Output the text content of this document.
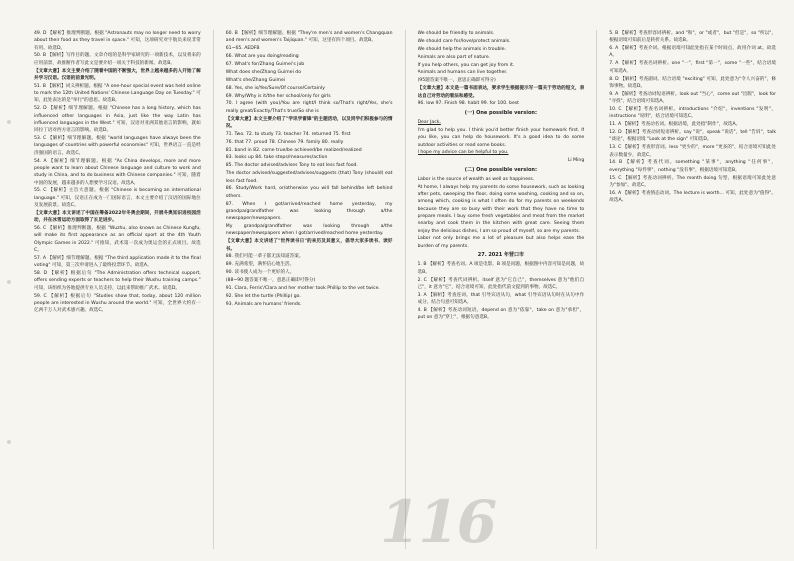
49. D 【解析】推理判断题。根据 "Astronauts may no longer need to worry about their food as they travel in space." 可知，这项研究对宇航员来说非常有用。故选D。

50. B 【解析】写作目的题。文章介绍的是科学家研究的一项新技术，以及将来的应用前景，故推断作者写此文是要介绍一项关于科技的新闻。故选B。

【文章大意】本文主要介绍了随着中国的不断强大，世界上越来越多的人开始了解并学习汉语。汉语的前景光明。

51. B 【解析】词义辨析题。根据 "A one-hour special event was held online to mark the 12th United Nations' Chinese Language Day on Tuesday." 可知，此处表达的是"举行"的意思。故选B。

52. D 【解析】细节理解题。根据 "Chinese has a long history, which has influenced other languages in Asia, just like the way Latin has influenced languages in the West." 可知，汉语对亚洲其他语言的影响，就如同拉丁语对西方语言的影响。故选D。

53. C 【解析】细节理解题。根据 "world languages have always been the languages of countries with powerful economies" 可知，世界语言一直是经济强国的语言。故选C。

54. A 【解析】细节理解题。根据 "As China develops, more and more people want to learn about Chinese language and culture to work and study in China, and to do business with Chinese companies." 可知，随着中国的发展，越来越多的人想要学习汉语。故选A。

55. C 【解析】主旨大意题。根据 "Chinese is becoming an international language." 可知，汉语正在成为一门国际语言，本文主要介绍了汉语的国际地位及发展前景。故选C。

【文章大意】本文讲述了中国在筹备2022年冬奥会期间，开展冬奥知识进校园活动，并在冰雪运动方面取得了长足进步。

56. C 【解析】推理判断题。根据 "Wuzhu, also known as Chinese Kungfu, will make its first appearance as an official sport at the 4th Youth Olympic Games in 2022." 可推知，武术第一次成为奥运会的正式项目。故选C。

57. A 【解析】细节理解题。根据 "The third application made it to the final voting" 可知，第三次申请进入了最终投票环节。故选A。

58. D 【解析】根据后句 "The Administration offers technical support, offers sending experts or teachers to help their Wushu training camps." 可知，该组织为各地提供专业人员支持，以此来帮助推广武术。故选D。

59. C 【解析】根据后句 "Studies show that, today, about 120 million people are interested in Wushu around the world." 可知，全世界大约有一亿两千万人对武术感兴趣。故选C。

60. B 【解析】细节理解题。根据 "They're men's and women's Changquan and men's and women's Taijiquan." 可知，这里有四个项目。故选B。

61~65. AEDFB

66. What are you doing/reading

67. What's for/Zhang Guimei's job

What does she/Zhang Guimei do

What's she/Zhang Guimei

68. Yes, she is/Yes/Sure/Of course/Certainly

69. Why/Why is it/the her school/only for girls

70. I agree (with you)/You are right/I think so/That's right/Yes, she's really great/Exactly/That's true/So she is

【文章大意】本文主要介绍了"学讯学雷锋"的主题活动，以及同学们积极参与的情况。

71. Two. 72. to study 73. teacher 74. returned 75. first

76. that 77. proud 78. Chinese 79. family 80. really

81. band in 82. come true/be achieved/be realized/realized

83. looks up 84. take steps/measures/action

85. The doctor advised/advises Tony to eat less fast food.

The doctor advised/suggested/advises/suggests (that) Tony (should) eat less fast food.

86. Study/Work hard, or/otherwise you will fall behind/be left behind others.

87. When I got/arrived/reached home yesterday, my grandpa/grandfather was looking through a/the newspaper/newspapers.

My grandpa/grandfather was looking through a/the newspaper/newspapers when I got/arrived/reached home yesterday.

【文章大意】本文讲述了"世界读书日"的来历及其意义，倡导大家多读书、读好书。

88. 我们可能一辈子都无法知道答案。

89. 充满希望，满怀信心地生活。

90. 读书使人成为一个更好的人。

(88~90 题答案不唯一，意思正确即可得分)

91. Clara, Ferris'/Clara and her mother took Phillip to the vet twice.

92. She let the turtle (Phillip) go.

93. Animals are humans' friends.

We should be friendly to animals.

We should care for/love/protect animals.

We should help the animals in trouble.

Animals are also part of nature.

If you help others, you can get joy from it.

Animals and humans can live together.

(95题答案不唯一，意思正确即可得分)

【文章大意】本文是一篇书面表达，要求学生根据提示写一篇关于劳动的短文，表达自己对劳动的看法和感受。

96. low 97. Finish 98. habit 99. for 100. best

(一) One possible version:

Dear Jack,

I'm glad to help you. I think you'd better finish your homework first. If you like, you can help do housework. It's a good idea to do some outdoor activities or read some books.

I hope my advice can be helpful to you.

Li Ming

(二) One possible version:

Labor is the source of wealth as well as happiness.

At home, I always help my parents do some housework, such as looking after pets, sweeping the floor, doing some washing, cooking and so on, among which, cooking is what I often do for my parents on weekends because they are so busy with their work that they have no time to prepare meals. I buy some fresh vegetables and meat from the market nearby and cook them in the kitchen with great care. Seeing them enjoy the delicious dishes, I am so proud of myself, so are my parents.

Labor not only brings me a lot of pleasure but also helps ease the burden of my parents.

27. 2021 年营口市

1. B 【解析】考查名词。A 项是电影，B 项是问题，根据图中内容可知是问题，故选B。

2. C 【解析】考查代词辨析。itself 意为"它自己"，themselves 意为"他们自己"，it 意为"它"，结合语境可知，此处指代前文提到的事物。故选C。

3. A 【解析】考查连词。that 引导宾语从句，what 引导宾语从句时在从句中作成分，结合句意可知选A。

4. B 【解析】考查动词短语。depend on 意为"依靠"，take on 意为"承担"，put on 意为"穿上"，根据句意选B。

5. B 【解析】考查形容词辨析。and "和"，or "或者"，but "但是"，so "所以"，根据语境可知前后是转折关系。故选B。

6. A 【解析】考查介词。根据语境可知此处指在某个时间点，故用介词 at。故选A。

7. A 【解析】考查名词辨析。one "一"，first "第一"，some "一些"，结合语境可知选A。

8. D 【解析】考查副词。结合语境 "exciting" 可知，此处意为"令人兴奋的"，修饰事物。故选D。

9. A 【解析】考查动词短语辨析。look out "当心"，come out "出版"，look for "寻找"，结合语境可知选A。

10. C 【解析】考查名词辨析。introductions "介绍"，inventions "发明"，instructions "说明"，结合语境可知选C。

11. A 【解析】考查动名词。根据语境，此处指"制作"，故选A。

12. D 【解析】考查动词短语辨析。say "说"，speak "说话"，tell "告诉"，talk "谈论"，根据语境 "Look at the sign" 可知选D。

13. C 【解析】考查形容词。less "更少的"，more "更多的"，结合语境可知此处表示数量少，故选C。

14. B 【解析】考查代词。something "某事"，anything "任何事"，everything "每件事"，nothing "没有事"，根据语境可知选B。

15. C 【解析】考查动词辨析。The month doing 句型，根据语境可知此处意为"参加"。故选C。

16. A 【解析】考查情态动词。The lecture is worth... 可知，此处意为"值得"。故选A。

116
